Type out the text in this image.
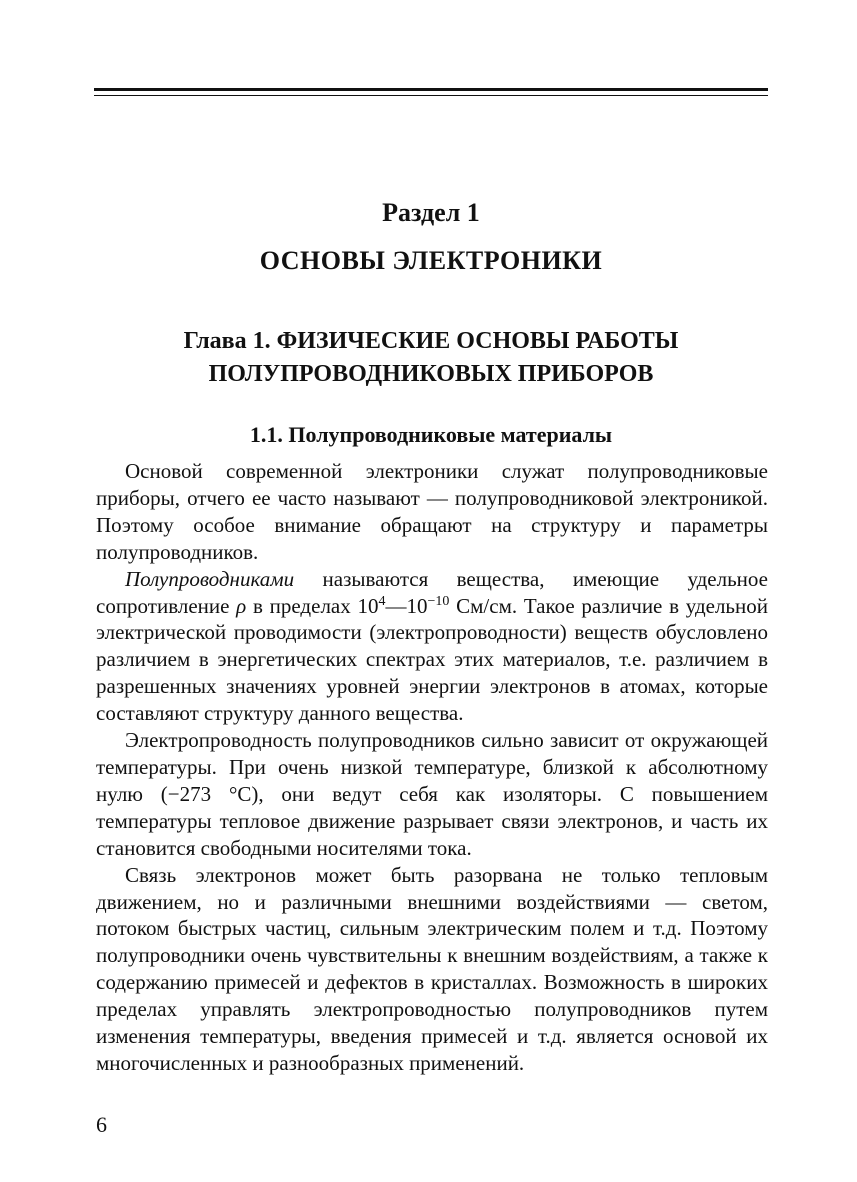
Раздел 1
ОСНОВЫ ЭЛЕКТРОНИКИ
Глава 1. ФИЗИЧЕСКИЕ ОСНОВЫ РАБОТЫ
ПОЛУПРОВОДНИКОВЫХ ПРИБОРОВ
1.1. Полупроводниковые материалы

Основой современной электроники служат полупроводниковые приборы, отчего ее часто называют — полупроводниковой электроникой. Поэтому особое внимание обращают на структуру и параметры полупроводников.

Полупроводниками называются вещества, имеющие удельное сопротивление ρ в пределах $10^4—10^{-10}$ См/см. Такое различие в удельной электрической проводимости (электропроводности) веществ обусловлено различием в энергетических спектрах этих материалов, т.е. различием в разрешенных значениях уровней энергии электронов в атомах, которые составляют структуру данного вещества.

Электропроводность полупроводников сильно зависит от окружающей температуры. При очень низкой температуре, близкой к абсолютному нулю (−273 °С), они ведут себя как изоляторы. С повышением температуры тепловое движение разрывает связи электронов, и часть их становится свободными носителями тока.

Связь электронов может быть разорвана не только тепловым движением, но и различными внешними воздействиями — светом, потоком быстрых частиц, сильным электрическим полем и т.д. Поэтому полупроводники очень чувствительны к внешним воздействиям, а также к содержанию примесей и дефектов в кристаллах. Возможность в широких пределах управлять электропроводностью полупроводников путем изменения температуры, введения примесей и т.д. является основой их многочисленных и разнообразных применений.

6
